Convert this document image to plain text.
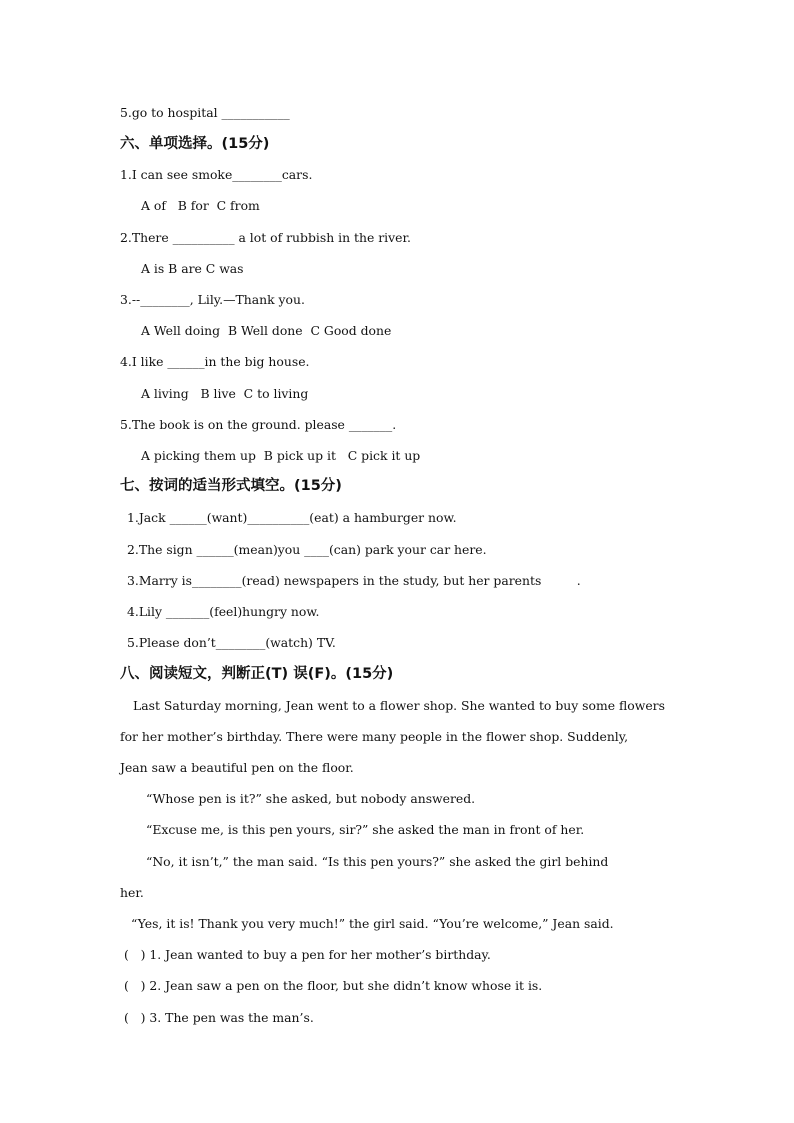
5.go to hospital ___________
六、单项选择。(15分)
1.I can see smoke________cars.
A of   B for  C from
2.There __________ a lot of rubbish in the river.
A is B are C was
3.--________, Lily.—Thank you.
A Well doing  B Well done  C Good done
4.I like ______in the big house.
A living   B live  C to living
5.The book is on the ground. please _______.
A picking them up  B pick up it   C pick it up
七、按词的适当形式填空。(15分)
1.Jack ______(want)__________(eat) a hamburger now.
2.The sign ______(mean)you ____(can) park your car here.
3.Marry is________(read) newspapers in the study, but her parents         .
4.Lily _______(feel)hungry now.
5.Please don’t________(watch) TV.
八、阅读短文，判断正(T) 误(F)。(15分)
Last Saturday morning, Jean went to a flower shop. She wanted to buy some flowers
for her mother’s birthday. There were many people in the flower shop. Suddenly,
Jean saw a beautiful pen on the floor.
“Whose pen is it?” she asked, but nobody answered.
“Excuse me, is this pen yours, sir?” she asked the man in front of her.
“No, it isn’t,” the man said. “Is this pen yours?” she asked the girl behind
her.
“Yes, it is! Thank you very much!” the girl said. “You’re welcome,” Jean said.
(   ) 1. Jean wanted to buy a pen for her mother’s birthday.
(   ) 2. Jean saw a pen on the floor, but she didn’t know whose it is.
(   ) 3. The pen was the man’s.
